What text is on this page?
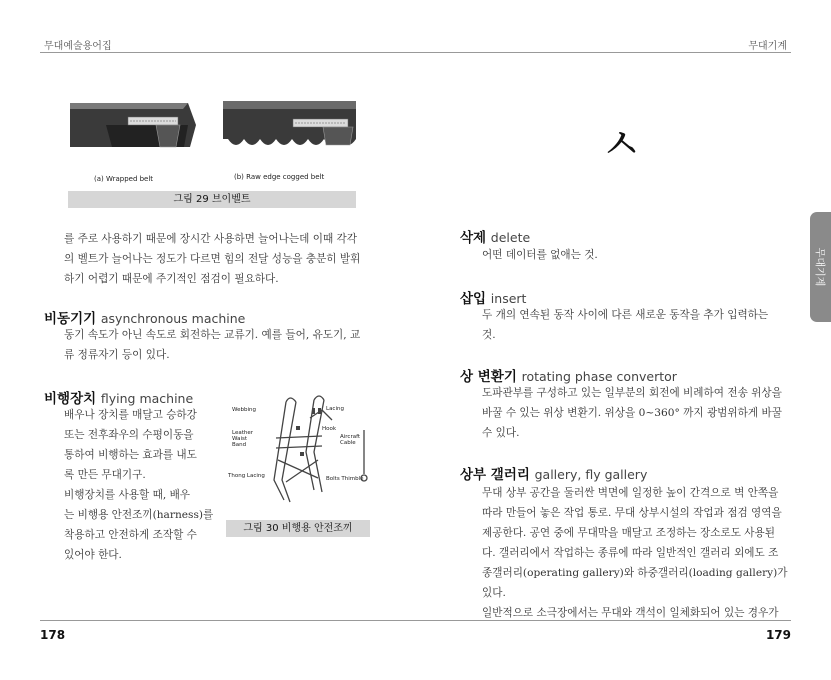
무대예술용어집	무대기계
무대기계
(a) Wrapped belt	(b) Raw edge cogged belt
그림 29 브이벨트
를 주로 사용하기 때문에 장시간 사용하면 늘어나는데 이때 각각
의 벨트가 늘어나는 정도가 다르면 힘의 전달 성능을 충분히 발휘
하기 어렵기 때문에 주기적인 점검이 필요하다.
비동기기 asynchronous machine
동기 속도가 아닌 속도로 회전하는 교류기. 예를 들어, 유도기, 교
류 정류자기 등이 있다.
비행장치 flying machine
배우나 장치를 매달고 승하강
또는 전후좌우의 수평이동을
통하여 비행하는 효과를 내도
록 만든 무대기구.
비행장치를 사용할 때, 배우
는 비행용 안전조끼(harness)를
착용하고 안전하게 조작할 수
있어야 한다.
Webbing	Lacing
Hook
Leather Waist Band
Aircraft Cable
Thong Lacing	Bolts Thimble
그림 30 비행용 안전조끼
ㅅ
삭제 delete
어떤 데이터를 없애는 것.
삽입 insert
두 개의 연속된 동작 사이에 다른 새로운 동작을 추가 입력하는
것.
상 변환기 rotating phase convertor
도파관부를 구성하고 있는 일부분의 회전에 비례하여 전송 위상을
바꿀 수 있는 위상 변환기. 위상을 0~360° 까지 광범위하게 바꿀
수 있다.
상부 갤러리 gallery, fly gallery
무대 상부 공간을 둘러싼 벽면에 일정한 높이 간격으로 벽 안쪽을
따라 만들어 놓은 작업 통로. 무대 상부시설의 작업과 점검 영역을
제공한다. 공연 중에 무대막을 매달고 조정하는 장소로도 사용된
다. 갤러리에서 작업하는 종류에 따라 일반적인 갤러리 외에도 조
종갤러리(operating gallery)와 하중갤러리(loading gallery)가 있다.
일반적으로 소극장에서는 무대와 객석이 일체화되어 있는 경우가
178	179
